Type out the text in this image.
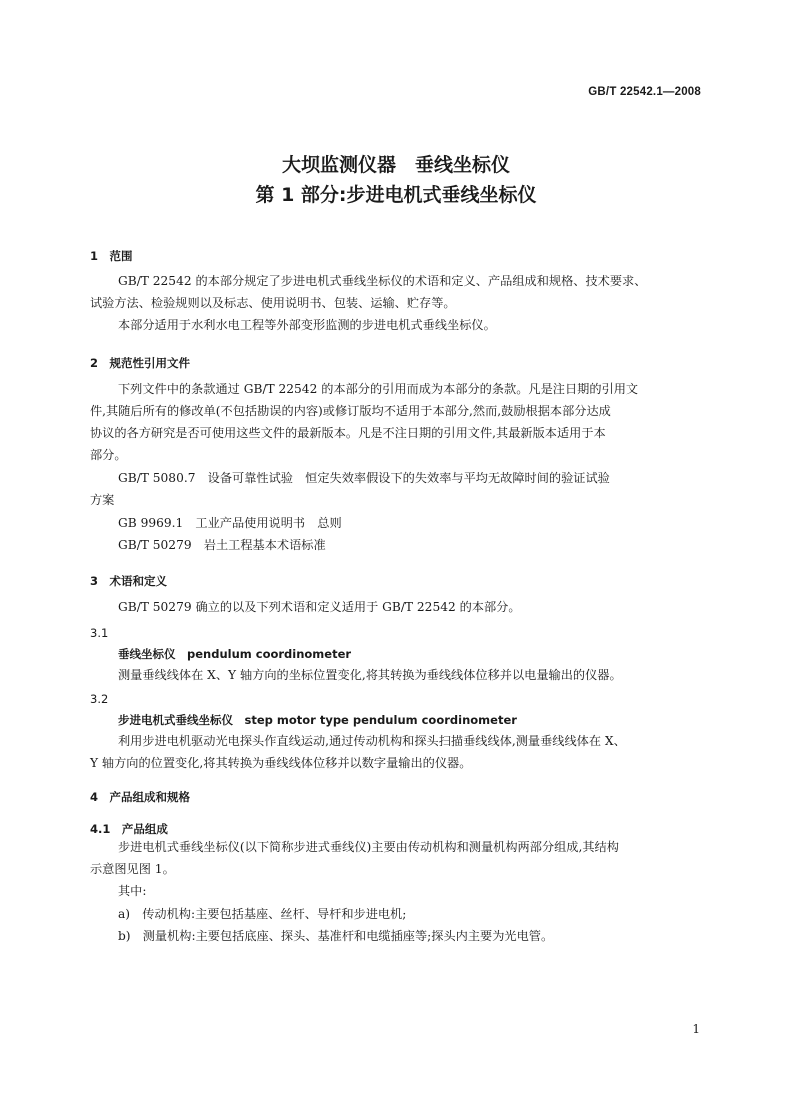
GB/T 22542.1—2008
大坝监测仪器　垂线坐标仪
第 1 部分:步进电机式垂线坐标仪
1　范围
GB/T 22542 的本部分规定了步进电机式垂线坐标仪的术语和定义、产品组成和规格、技术要求、
试验方法、检验规则以及标志、使用说明书、包装、运输、贮存等。
本部分适用于水利水电工程等外部变形监测的步进电机式垂线坐标仪。
2　规范性引用文件
下列文件中的条款通过 GB/T 22542 的本部分的引用而成为本部分的条款。凡是注日期的引用文
件,其随后所有的修改单(不包括勘误的内容)或修订版均不适用于本部分,然而,鼓励根据本部分达成
协议的各方研究是否可使用这些文件的最新版本。凡是不注日期的引用文件,其最新版本适用于本
部分。
GB/T 5080.7　设备可靠性试验　恒定失效率假设下的失效率与平均无故障时间的验证试验
方案
GB 9969.1　工业产品使用说明书　总则
GB/T 50279　岩土工程基本术语标准
3　术语和定义
GB/T 50279 确立的以及下列术语和定义适用于 GB/T 22542 的本部分。
3.1
垂线坐标仪　pendulum coordinometer
测量垂线线体在 X、Y 轴方向的坐标位置变化,将其转换为垂线线体位移并以电量输出的仪器。
3.2
步进电机式垂线坐标仪　step motor type pendulum coordinometer
利用步进电机驱动光电探头作直线运动,通过传动机构和探头扫描垂线线体,测量垂线线体在 X、
Y 轴方向的位置变化,将其转换为垂线线体位移并以数字量输出的仪器。
4　产品组成和规格
4.1　产品组成
步进电机式垂线坐标仪(以下简称步进式垂线仪)主要由传动机构和测量机构两部分组成,其结构
示意图见图 1。
其中:
a)　传动机构:主要包括基座、丝杆、导杆和步进电机;
b)　测量机构:主要包括底座、探头、基准杆和电缆插座等;探头内主要为光电管。
1
